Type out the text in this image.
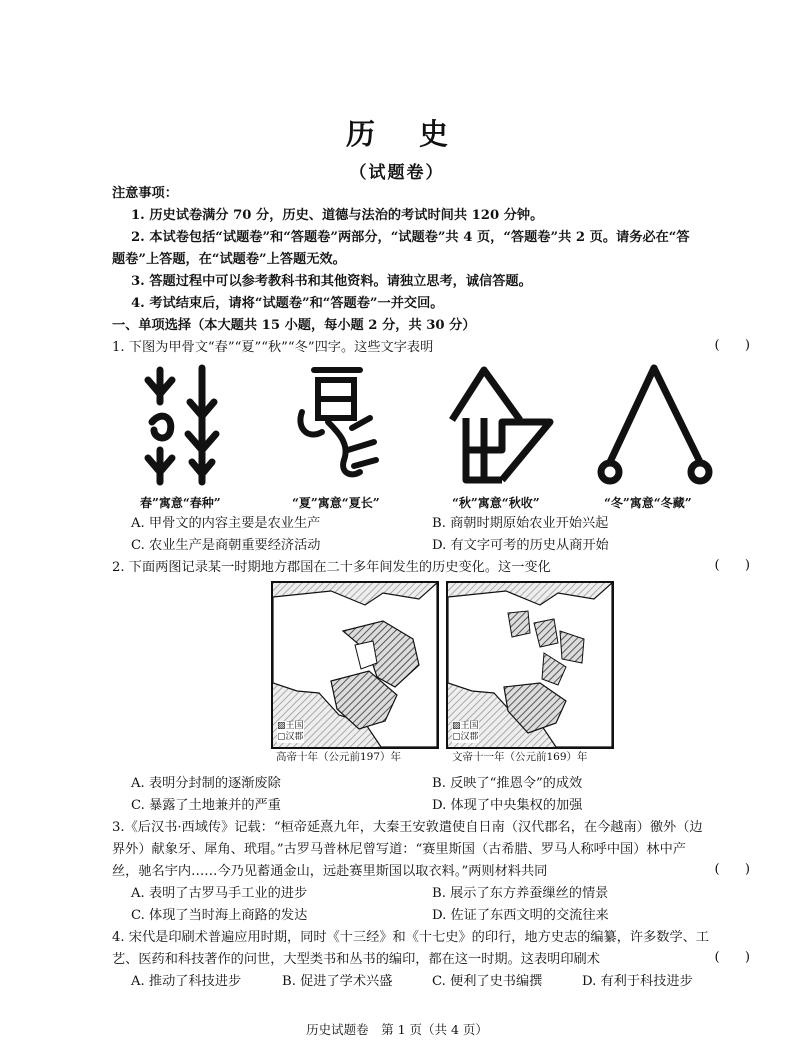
历史
（试题卷）
注意事项：
1. 历史试卷满分 70 分，历史、道德与法治的考试时间共 120 分钟。
2. 本试卷包括“试题卷”和“答题卷”两部分，“试题卷”共 4 页，“答题卷”共 2 页。请务必在“答
题卷”上答题，在“试题卷”上答题无效。
3. 答题过程中可以参考教科书和其他资料。请独立思考，诚信答题。
4. 考试结束后，请将“试题卷”和“答题卷”一并交回。
一、单项选择（本大题共 15 小题，每小题 2 分，共 30 分）
1. 下图为甲骨文“春”“夏”“秋”“冬”四字。这些文字表明	(      )
春”寓意“春种”	“夏”寓意“夏长”	“秋”寓意“秋收”	“冬”寓意“冬藏”
A. 甲骨文的内容主要是农业生产	B. 商朝时期原始农业开始兴起
C. 农业生产是商朝重要经济活动	D. 有文字可考的历史从商开始
2. 下面两图记录某一时期地方郡国在二十多年间发生的历史变化。这一变化	(      )
▨王国
▢汉郡
高帝十年（公元前197）年
▨王国
▢汉郡
文帝十一年（公元前169）年
A. 表明分封制的逐渐废除	B. 反映了“推恩令”的成效
C. 暴露了土地兼并的严重	D. 体现了中央集权的加强
3.《后汉书·西域传》记载：“桓帝延熹九年，大秦王安敦遣使自日南（汉代郡名，在今越南）徼外（边
界外）献象牙、犀角、玳瑁。”古罗马普林尼曾写道：“赛里斯国（古希腊、罗马人称呼中国）林中产
丝，驰名宇内……今乃见蓄通金山，远赴赛里斯国以取衣料。”两则材料共同	(      )
A. 表明了古罗马手工业的进步	B. 展示了东方养蚕缫丝的情景
C. 体现了当时海上商路的发达	D. 佐证了东西文明的交流往来
4. 宋代是印刷术普遍应用时期，同时《十三经》和《十七史》的印行，地方史志的编纂，许多数学、工
艺、医药和科技著作的问世，大型类书和丛书的编印，都在这一时期。这表明印刷术	(      )
A. 推动了科技进步	B. 促进了学术兴盛	C. 便利了史书编撰	D. 有利于科技进步
历史试题卷　第 1 页（共 4 页）
